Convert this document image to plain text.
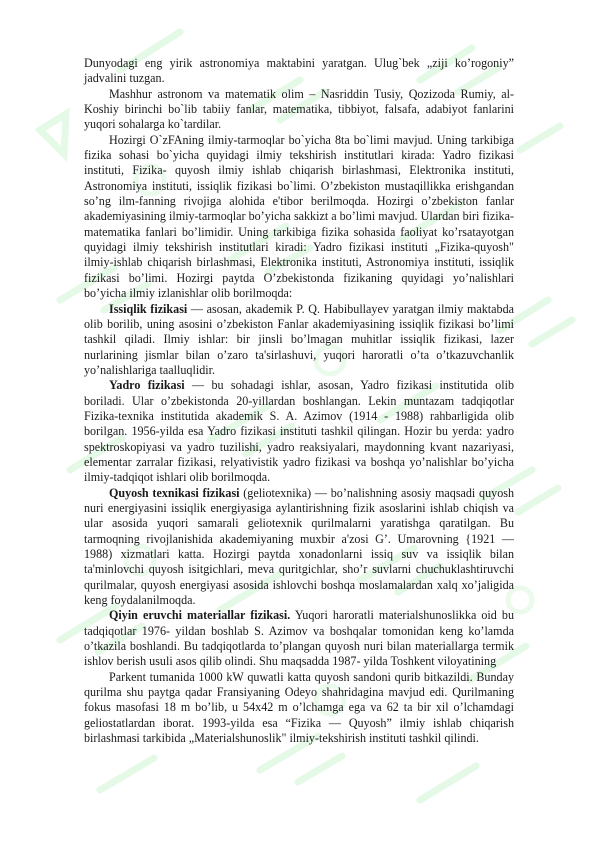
Dunyodagi eng yirik astronomiya maktabini yaratgan. Ulug`bek „ziji ko’rogoniy” jadvalini tuzgan.

Mashhur astronom va matematik olim – Nasriddin Tusiy, Qozizoda Rumiy, al-Koshiy birinchi bo`lib tabiiy fanlar, matematika, tibbiyot, falsafa, adabiyot fanlarini yuqori sohalarga ko`tardilar.

Hozirgi O`zFAning ilmiy-tarmoqlar bo`yicha 8ta bo`limi mavjud. Uning tarkibiga fizika sohasi bo`yicha quyidagi ilmiy tekshirish institutlari kirada: Yadro fizikasi instituti, Fizika- quyosh ilmiy ishlab chiqarish birlashmasi, Elektronika instituti, Astronomiya instituti, issiqlik fizikasi bo`limi. O’zbekiston mustaqillikka erishgandan so’ng ilm-fanning rivojiga alohida e'tibor berilmoqda. Hozirgi o’zbekiston fanlar akademiyasining ilmiy-tarmoqlar bo’yicha sakkizt a bo’limi mavjud. Ulardan biri fizika-matematika fanlari bo’limidir. Uning tarkibiga fizika sohasida faoliyat ko’rsatayotgan quyidagi ilmiy tekshirish institutlari kiradi: Yadro fizikasi instituti „Fizika-quyosh" ilmiy-ishlab chiqarish birlashmasi, Elektronika instituti, Astronomiya instituti, issiqlik fizikasi bo’limi. Hozirgi paytda O’zbekistonda fizikaning quyidagi yo’nalishlari bo’yicha ilmiy izlanishlar olib borilmoqda:

Issiqlik fizikasi — asosan, akademik P. Q. Habibullayev yaratgan ilmiy maktabda olib borilib, uning asosini o’zbekiston Fanlar akademiyasining issiqlik fizikasi bo’limi tashkil qiladi. Ilmiy ishlar: bir jinsli bo’lmagan muhitlar issiqlik fizikasi, lazer nurlarining jismlar bilan o’zaro ta'sirlashuvi, yuqori haroratli o’ta o’tkazuvchanlik yo’nalishlariga taalluqlidir.

Yadro fizikasi — bu sohadagi ishlar, asosan, Yadro fizikasi institutida olib boriladi. Ular o’zbekistonda 20-yillardan boshlangan. Lekin muntazam tadqiqotlar Fizika-texnika institutida akademik S. A. Azimov (1914 - 1988) rahbarligida olib borilgan. 1956-yilda esa Yadro fizikasi instituti tashkil qilingan. Hozir bu yerda: yadro spektroskopiyasi va yadro tuzilishi, yadro reaksiyalari, maydonning kvant nazariyasi, elementar zarralar fizikasi, relyativistik yadro fizikasi va boshqa yo’nalishlar bo’yicha ilmiy-tadqiqot ishlari olib borilmoqda.

Quyosh texnikasi fizikasi (geliotexnika) — bo’nalishning asosiy maqsadi quyosh nuri energiyasini issiqlik energiyasiga aylantirishning fizik asoslarini ishlab chiqish va ular asosida yuqori samarali geliotexnik qurilmalarni yaratishga qaratilgan. Bu tarmoqning rivojlanishida akademiyaning muxbir a'zosi G’. Umarovning {1921 — 1988) xizmatlari katta. Hozirgi paytda xonadonlarni issiq suv va issiqlik bilan ta'minlovchi quyosh isitgichlari, meva quritgichlar, sho’r suvlarni chuchuklashtiruvchi qurilmalar, quyosh energiyasi asosida ishlovchi boshqa moslamalardan xalq xo’jaligida keng foydalanilmoqda.

Qiyin eruvchi materiallar fizikasi. Yuqori haroratli materialshunoslikka oid bu tadqiqotlar 1976- yildan boshlab S. Azimov va boshqalar tomonidan keng ko’lamda o’tkazila boshlandi. Bu tadqiqotlarda to’plangan quyosh nuri bilan materiallarga termik ishlov berish usuli asos qilib olindi. Shu maqsadda 1987- yilda Toshkent viloyatining

Parkent tumanida 1000 kW quwatli katta quyosh sandoni qurib bitkazildi. Bunday qurilma shu paytga qadar Fransiyaning Odeyo shahridagina mavjud edi. Qurilmaning fokus masofasi 18 m bo’lib, u 54x42 m o’lchamga ega va 62 ta bir xil o’lchamdagi geliostatlardan iborat. 1993-yilda esa “Fizika — Quyosh” ilmiy ishlab chiqarish birlashmasi tarkibida „Materialshunoslik" ilmiy-tekshirish instituti tashkil qilindi.
